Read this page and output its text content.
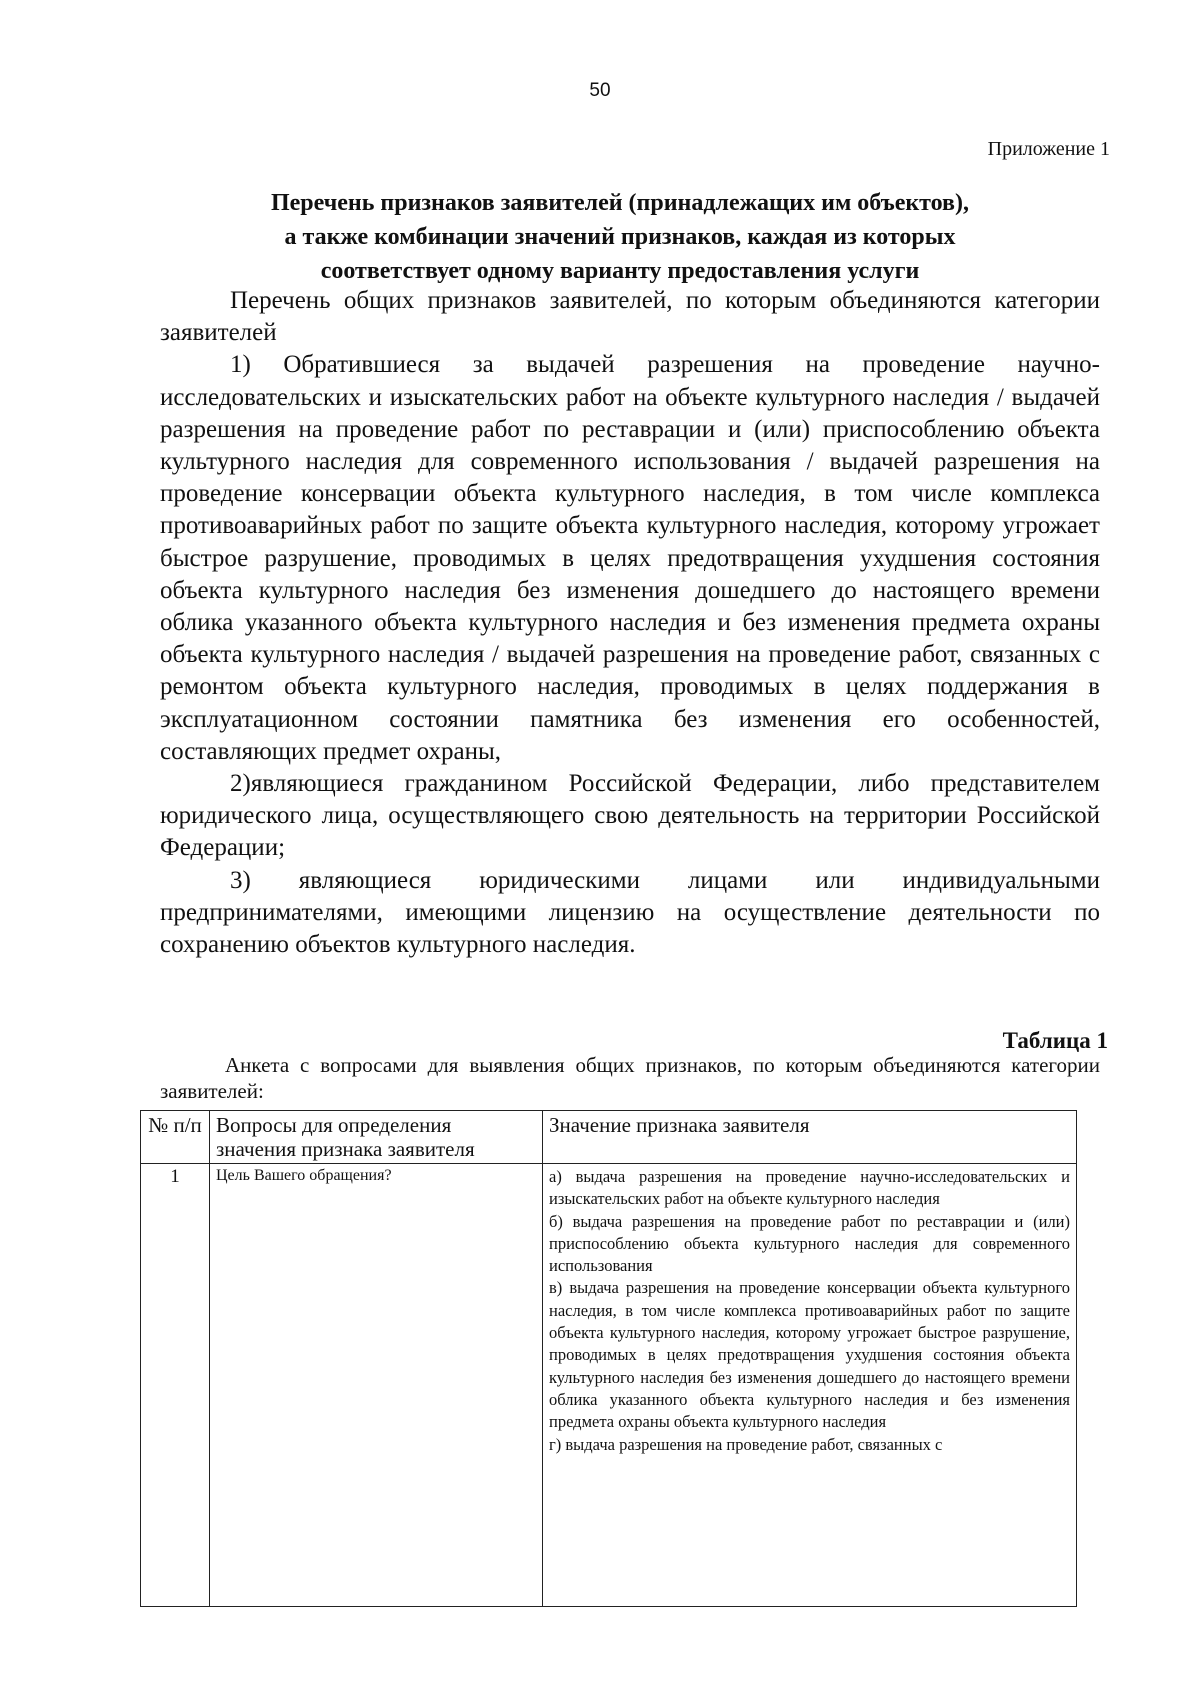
50
Приложение 1
Перечень признаков заявителей (принадлежащих им объектов),
а также комбинации значений признаков, каждая из которых
соответствует одному варианту предоставления услуги

Перечень общих признаков заявителей, по которым объединяются категории заявителей

1) Обратившиеся за выдачей разрешения на проведение научно-исследовательских и изыскательских работ на объекте культурного наследия / выдачей разрешения на проведение работ по реставрации и (или) приспособлению объекта культурного наследия для современного использования / выдачей разрешения на проведение консервации объекта культурного наследия, в том числе комплекса противоаварийных работ по защите объекта культурного наследия, которому угрожает быстрое разрушение, проводимых в целях предотвращения ухудшения состояния объекта культурного наследия без изменения дошедшего до настоящего времени облика указанного объекта культурного наследия и без изменения предмета охраны объекта культурного наследия / выдачей разрешения на проведение работ, связанных с ремонтом объекта культурного наследия, проводимых в целях поддержания в эксплуатационном состоянии памятника без изменения его особенностей, составляющих предмет охраны,

2)являющиеся гражданином Российской Федерации, либо представителем юридического лица, осуществляющего свою деятельность на территории Российской Федерации;

3) являющиеся юридическими лицами или индивидуальными предпринимателями, имеющими лицензию на осуществление деятельности по сохранению объектов культурного наследия.

Таблица 1
Анкета с вопросами для выявления общих признаков, по которым объединяются категории заявителей:
№ п/п	Вопросы для определения значения признака заявителя	Значение признака заявителя
1	Цель Вашего обращения?	а) выдача разрешения на проведение научно-исследовательских и изыскательских работ на объекте культурного наследия
б) выдача разрешения на проведение работ по реставрации и (или) приспособлению объекта культурного наследия для современного использования
в) выдача разрешения на проведение консервации объекта культурного наследия, в том числе комплекса противоаварийных работ по защите объекта культурного наследия, которому угрожает быстрое разрушение, проводимых в целях предотвращения ухудшения состояния объекта культурного наследия без изменения дошедшего до настоящего времени облика указанного объекта культурного наследия и без изменения предмета охраны объекта культурного наследия
г) выдача разрешения на проведение работ, связанных с
